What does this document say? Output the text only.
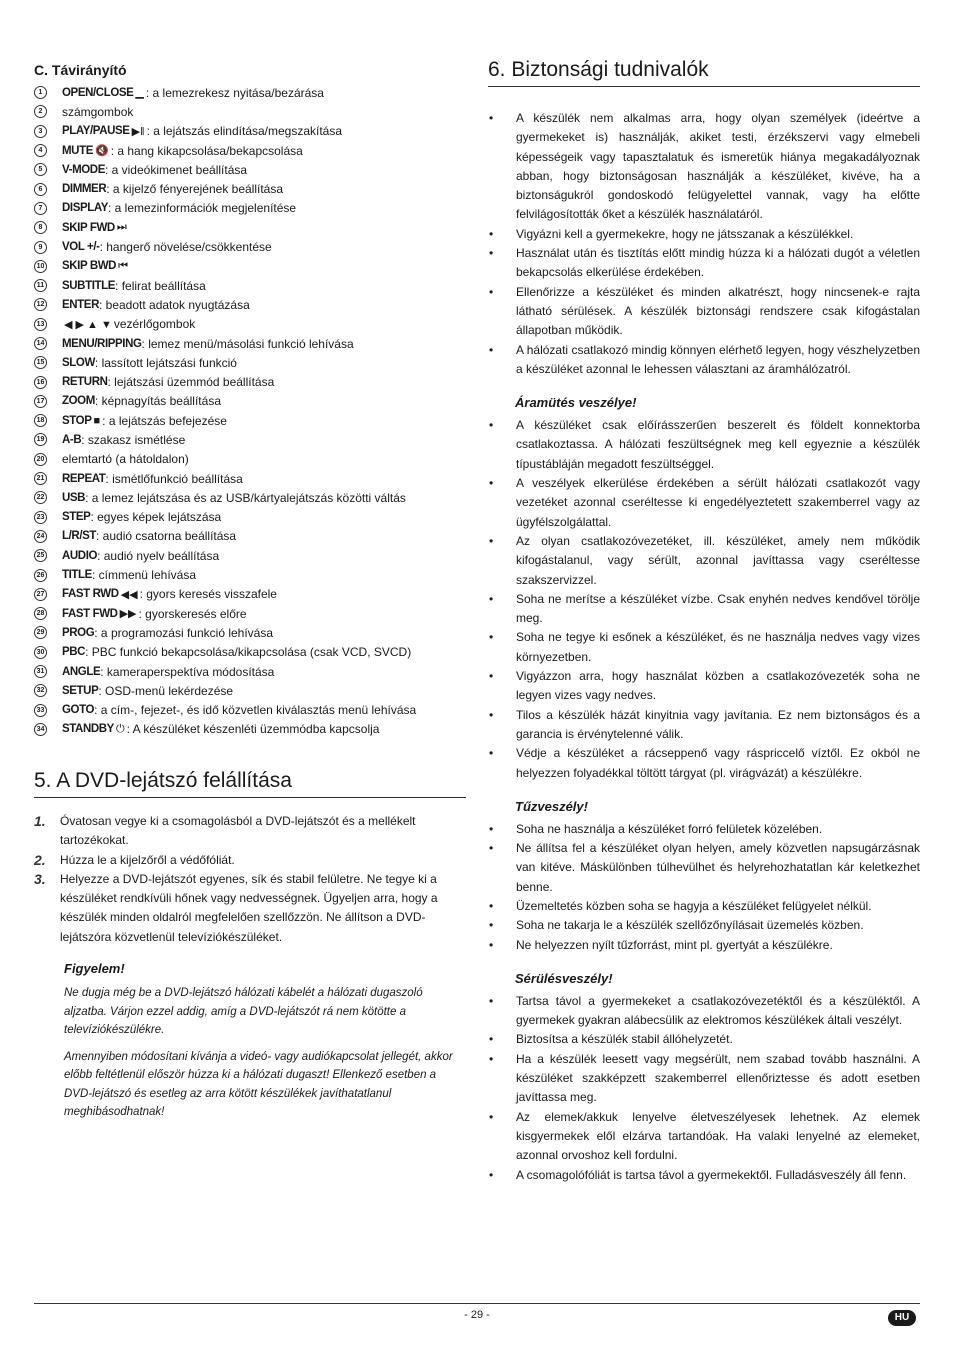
C. Távirányító
1	OPEN/CLOSE ▁ : a lemezrekesz nyitása/bezárása
2	számgombok
3	PLAY/PAUSE ▶ǁ : a lejátszás elindítása/megszakítása
4	MUTE 🔇 : a hang kikapcsolása/bekapcsolása
5	V-MODE : a videókimenet beállítása
6	DIMMER : a kijelző fényerejének beállítása
7	DISPLAY : a lemezinformációk megjelenítése
8	SKIP FWD ⏭
9	VOL +/- : hangerő növelése/csökkentése
10 SKIP BWD ⏮
11 SUBTITLE : felirat beállítása
12 ENTER : beadott adatok nyugtázása
13 ◀ ▶ ▲ ▼ vezérlőgombok
14 MENU/RIPPING : lemez menü/másolási funkció lehívása
15 SLOW : lassított lejátszási funkció
16 RETURN : lejátszási üzemmód beállítása
17 ZOOM : képnagyítás beállítása
18 STOP ■ : a lejátszás befejezése
19 A-B : szakasz ismétlése
20 elemtartó (a hátoldalon)
21 REPEAT : ismétlőfunkció beállítása
22 USB : a lemez lejátszása és az USB/kártyalejátszás közötti váltás
23 STEP : egyes képek lejátszása
24 L/R/ST : audió csatorna beállítása
25 AUDIO : audió nyelv beállítása
26 TITLE : címmenü lehívása
27 FAST RWD ◀◀ : gyors keresés visszafele
28 FAST FWD ▶▶ : gyorskeresés előre
29 PROG : a programozási funkció lehívása
30 PBC : PBC funkció bekapcsolása/kikapcsolása (csak VCD, SVCD)
31 ANGLE : kameraperspektíva módosítása
32 SETUP : OSD-menü lekérdezése
33 GOTO : a cím-, fejezet-, és idő közvetlen kiválasztás menü lehívása
34 STANDBY ⏻ : A készüléket készenléti üzemmódba kapcsolja
5. A DVD-lejátszó felállítása
1.	Óvatosan vegye ki a csomagolásból a DVD-lejátszót és a mellékelt tartozékokat.
2.	Húzza le a kijelzőről a védőfóliát.
3.	Helyezze a DVD-lejátszót egyenes, sík és stabil felületre. Ne tegye ki a készüléket rendkívüli hőnek vagy nedvességnek. Ügyeljen arra, hogy a készülék minden oldalról megfelelően szellőzzön. Ne állítson a DVD-lejátszóra közvetlenül televíziókészüléket.
Figyelem!

Ne dugja még be a DVD-lejátszó hálózati kábelét a hálózati dugaszoló aljzatba. Várjon ezzel addig, amíg a DVD-lejátszót rá nem kötötte a televíziókészülékre.

Amennyiben módosítani kívánja a videó- vagy audiókapcsolat jellegét, akkor előbb feltétlenül először húzza ki a hálózati dugaszt! Ellenkező esetben a DVD-lejátszó és esetleg az arra kötött készülékek javíthatatlanul meghibásodhatnak!

6. Biztonsági tudnivalók
•	A készülék nem alkalmas arra, hogy olyan személyek (ideértve a gyermekeket is) használják, akiket testi, érzékszervi vagy elmebeli képességeik vagy tapasztalatuk és ismeretük hiánya megakadályoznak abban, hogy biztonságosan használják a készüléket, kivéve, ha a biztonságukról gondoskodó felügyelettel vannak, vagy ha előtte felvilágosították őket a készülék használatáról.
•	Vigyázni kell a gyermekekre, hogy ne játsszanak a készülékkel.
•	Használat után és tisztítás előtt mindig húzza ki a hálózati dugót a véletlen bekapcsolás elkerülése érdekében.
•	Ellenőrizze a készüléket és minden alkatrészt, hogy nincsenek-e rajta látható sérülések. A készülék biztonsági rendszere csak kifogástalan állapotban működik.
•	A hálózati csatlakozó mindig könnyen elérhető legyen, hogy vészhelyzetben a készüléket azonnal le lehessen választani az áramhálózatról.
Áramütés veszélye!
•	A készüléket csak előírásszerűen beszerelt és földelt konnektorba csatlakoztassa. A hálózati feszültségnek meg kell egyeznie a készülék típustábláján megadott feszültséggel.
•	A veszélyek elkerülése érdekében a sérült hálózati csatlakozót vagy vezetéket azonnal cseréltesse ki engedélyeztetett szakemberrel vagy az ügyfélszolgálattal.
•	Az olyan csatlakozóvezetéket, ill. készüléket, amely nem működik kifogástalanul, vagy sérült, azonnal javíttassa vagy cseréltesse szakszervizzel.
•	Soha ne merítse a készüléket vízbe. Csak enyhén nedves kendővel törölje meg.
•	Soha ne tegye ki esőnek a készüléket, és ne használja nedves vagy vizes környezetben.
•	Vigyázzon arra, hogy használat közben a csatlakozóvezeték soha ne legyen vizes vagy nedves.
•	Tilos a készülék házát kinyitnia vagy javítania. Ez nem biztonságos és a garancia is érvénytelenné válik.
•	Védje a készüléket a rácseppenő vagy ráspriccelő víztől. Ez okból ne helyezzen folyadékkal töltött tárgyat (pl. virágvázát) a készülékre.
Tűzveszély!
•	Soha ne használja a készüléket forró felületek közelében.
•	Ne állítsa fel a készüléket olyan helyen, amely közvetlen napsugárzásnak van kitéve. Máskülönben túlhevülhet és helyrehozhatatlan kár keletkezhet benne.
•	Üzemeltetés közben soha se hagyja a készüléket felügyelet nélkül.
•	Soha ne takarja le a készülék szellőzőnyílásait üzemelés közben.
•	Ne helyezzen nyílt tűzforrást, mint pl. gyertyát a készülékre.
Sérülésveszély!
•	Tartsa távol a gyermekeket a csatlakozóvezetéktől és a készüléktől. A gyermekek gyakran alábecsülik az elektromos készülékek általi veszélyt.
•	Biztosítsa a készülék stabil állóhelyzetét.
•	Ha a készülék leesett vagy megsérült, nem szabad tovább használni. A készüléket szakképzett szakemberrel ellenőriztesse és adott esetben javíttassa meg.
•	Az elemek/akkuk lenyelve életveszélyesek lehetnek. Az elemek kisgyermekek elől elzárva tartandóak. Ha valaki lenyelné az elemeket, azonnal orvoshoz kell fordulni.
•	A csomagolófóliát is tartsa távol a gyermekektől. Fulladásveszély áll fenn.
- 29 -	HU
